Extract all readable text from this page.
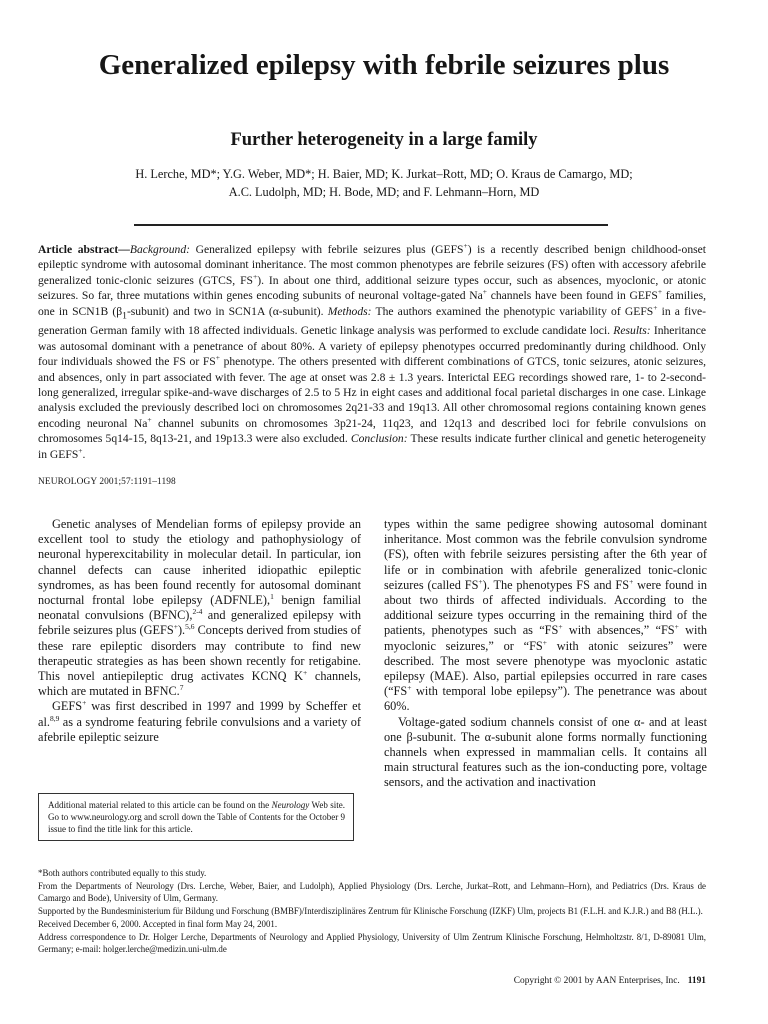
Generalized epilepsy with febrile seizures plus
Further heterogeneity in a large family
H. Lerche, MD*; Y.G. Weber, MD*; H. Baier, MD; K. Jurkat–Rott, MD; O. Kraus de Camargo, MD;
A.C. Ludolph, MD; H. Bode, MD; and F. Lehmann–Horn, MD
Article abstract—Background: Generalized epilepsy with febrile seizures plus (GEFS+) is a recently described benign childhood-onset epileptic syndrome with autosomal dominant inheritance. The most common phenotypes are febrile seizures (FS) often with accessory afebrile generalized tonic-clonic seizures (GTCS, FS+). In about one third, additional seizure types occur, such as absences, myoclonic, or atonic seizures. So far, three mutations within genes encoding subunits of neuronal voltage-gated Na+ channels have been found in GEFS+ families, one in SCN1B $(\beta_1-subunit)$ and two in SCN1A (α-subunit). Methods: The authors examined the phenotypic variability of GEFS+ in a five-generation German family with 18 affected individuals. Genetic linkage analysis was performed to exclude candidate loci. Results: Inheritance was autosomal dominant with a penetrance of about 80%. A variety of epilepsy phenotypes occurred predominantly during childhood. Only four individuals showed the FS or FS+ phenotype. The others presented with different combinations of GTCS, tonic seizures, atonic seizures, and absences, only in part associated with fever. The age at onset was 2.8 ± 1.3 years. Interictal EEG recordings showed rare, 1- to 2-second-long generalized, irregular spike-and-wave discharges of 2.5 to 5 Hz in eight cases and additional focal parietal discharges in one case. Linkage analysis excluded the previously described loci on chromosomes 2q21-33 and 19q13. All other chromosomal regions containing known genes encoding neuronal Na+ channel subunits on chromosomes 3p21-24, 11q23, and 12q13 and described loci for febrile convulsions on chromosomes 5q14-15, 8q13-21, and 19p13.3 were also excluded. Conclusion: These results indicate further clinical and genetic heterogeneity in GEFS+.
NEUROLOGY 2001;57:1191–1198

Genetic analyses of Mendelian forms of epilepsy provide an excellent tool to study the etiology and pathophysiology of neuronal hyperexcitability in molecular detail. In particular, ion channel defects can cause inherited idiopathic epileptic syndromes, as has been found recently for autosomal dominant nocturnal frontal lobe epilepsy (ADFNLE),$^1$ benign familial neonatal convulsions (BFNC),$^{2-4}$ and generalized epilepsy with febrile seizures plus (GEFS+).$^{5,6}$ Concepts derived from studies of these rare epileptic disorders may contribute to find new therapeutic strategies as has been shown recently for retigabine. This novel antiepileptic drug activates KCNQ K+ channels, which are mutated in BFNC.$^7$

GEFS+ was first described in 1997 and 1999 by Scheffer et al.$^{8,9}$ as a syndrome featuring febrile convulsions and a variety of afebrile epileptic seizure

Additional material related to this article can be found on the Neurology Web site. Go to www.neurology.org and scroll down the Table of Contents for the October 9 issue to find the title link for this article.

types within the same pedigree showing autosomal dominant inheritance. Most common was the febrile convulsion syndrome (FS), often with febrile seizures persisting after the 6th year of life or in combination with afebrile generalized tonic-clonic seizures (called FS+). The phenotypes FS and FS+ were found in about two thirds of affected individuals. According to the additional seizure types occurring in the remaining third of the patients, phenotypes such as “FS+ with absences,” “FS+ with myoclonic seizures,” or “FS+ with atonic seizures” were described. The most severe phenotype was myoclonic astatic epilepsy (MAE). Also, partial epilepsies occurred in rare cases (“FS+ with temporal lobe epilepsy”). The penetrance was about 60%.

Voltage-gated sodium channels consist of one α- and at least one β-subunit. The α-subunit alone forms normally functioning channels when expressed in mammalian cells. It contains all main structural features such as the ion-conducting pore, voltage sensors, and the activation and inactivation

*Both authors contributed equally to this study.

From the Departments of Neurology (Drs. Lerche, Weber, Baier, and Ludolph), Applied Physiology (Drs. Lerche, Jurkat–Rott, and Lehmann–Horn), and Pediatrics (Drs. Kraus de Camargo and Bode), University of Ulm, Germany.

Supported by the Bundesministerium für Bildung und Forschung (BMBF)/Interdisziplinäres Zentrum für Klinische Forschung (IZKF) Ulm, projects B1 (F.L.H. and K.J.R.) and B8 (H.L.).

Received December 6, 2000. Accepted in final form May 24, 2001.

Address correspondence to Dr. Holger Lerche, Departments of Neurology and Applied Physiology, University of Ulm Zentrum Klinische Forschung, Helmholtzstr. 8/1, D-89081 Ulm, Germany; e-mail: holger.lerche@medizin.uni-ulm.de

Copyright © 2001 by AAN Enterprises, Inc. 1191
